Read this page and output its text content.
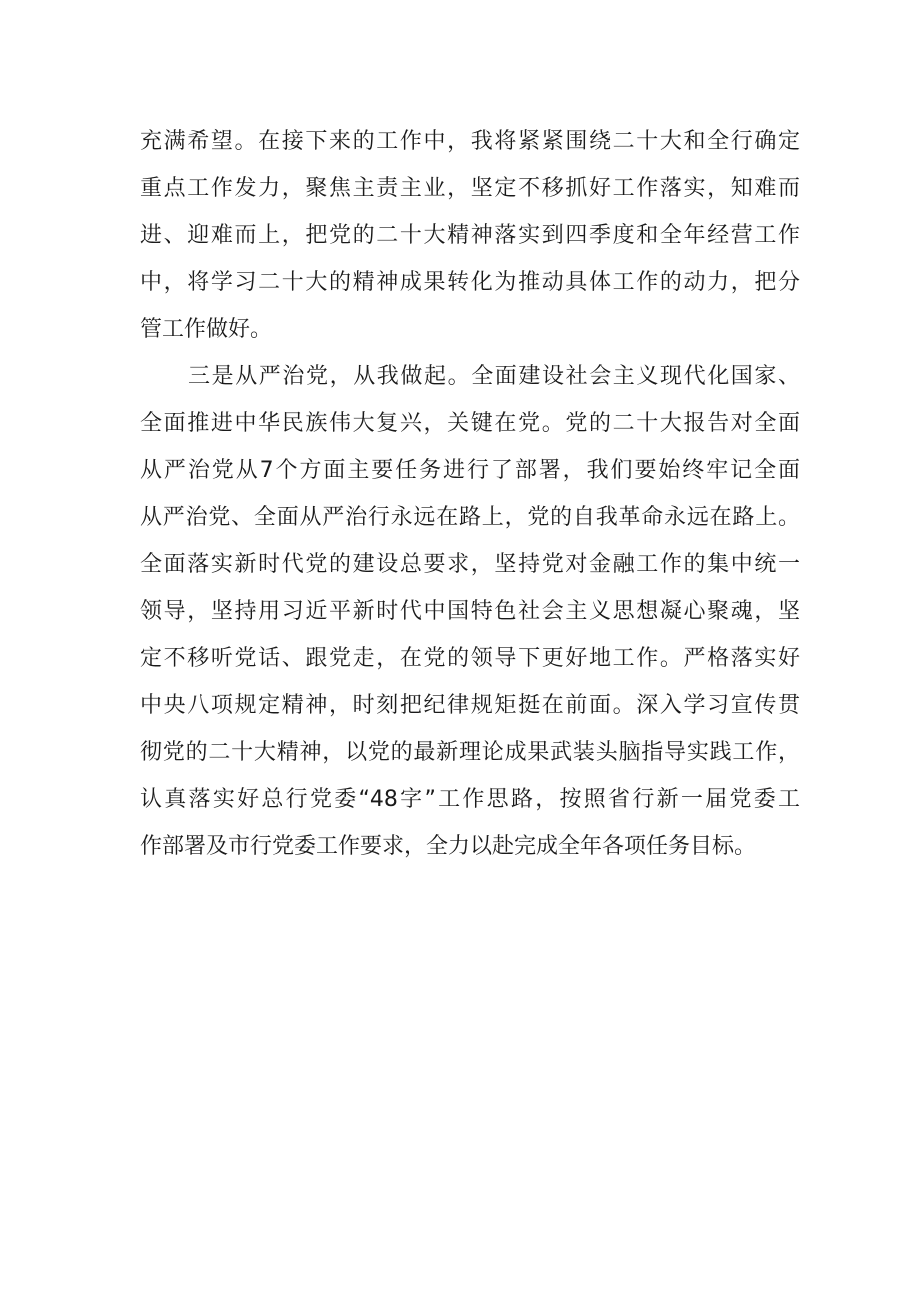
充满希望。在接下来的工作中，我将紧紧围绕二十大和全行确定
重点工作发力，聚焦主责主业，坚定不移抓好工作落实，知难而
进、迎难而上，把党的二十大精神落实到四季度和全年经营工作
中，将学习二十大的精神成果转化为推动具体工作的动力，把分
管工作做好。
三是从严治党，从我做起。全面建设社会主义现代化国家、
全面推进中华民族伟大复兴，关键在党。党的二十大报告对全面
从严治党从7个方面主要任务进行了部署，我们要始终牢记全面
从严治党、全面从严治行永远在路上，党的自我革命永远在路上。
全面落实新时代党的建设总要求，坚持党对金融工作的集中统一
领导，坚持用习近平新时代中国特色社会主义思想凝心聚魂，坚
定不移听党话、跟党走，在党的领导下更好地工作。严格落实好
中央八项规定精神，时刻把纪律规矩挺在前面。深入学习宣传贯
彻党的二十大精神，以党的最新理论成果武装头脑指导实践工作，
认真落实好总行党委“48字”工作思路，按照省行新一届党委工
作部署及市行党委工作要求，全力以赴完成全年各项任务目标。
